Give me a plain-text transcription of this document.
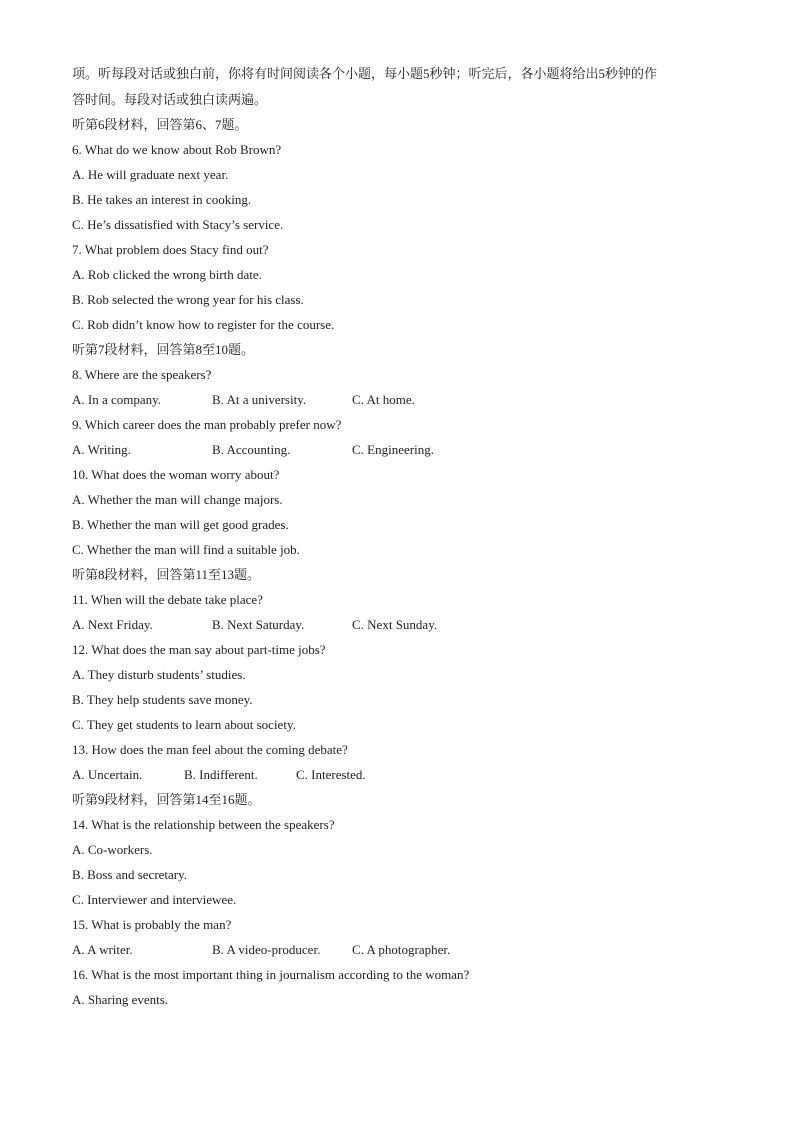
项。听每段对话或独白前，你将有时间阅读各个小题，每小题5秒钟；听完后，各小题将给出5秒钟的作
答时间。每段对话或独白读两遍。
听第6段材料，回答第6、7题。
6. What do we know about Rob Brown?
A. He will graduate next year.
B. He takes an interest in cooking.
C. He’s dissatisfied with Stacy’s service.
7. What problem does Stacy find out?
A. Rob clicked the wrong birth date.
B. Rob selected the wrong year for his class.
C. Rob didn’t know how to register for the course.
听第7段材料，回答第8至10题。
8. Where are the speakers?
A. In a company.	B. At a university.	C. At home.
9. Which career does the man probably prefer now?
A. Writing.	B. Accounting.	C. Engineering.
10. What does the woman worry about?
A. Whether the man will change majors.
B. Whether the man will get good grades.
C. Whether the man will find a suitable job.
听第8段材料，回答第11至13题。
11. When will the debate take place?
A. Next Friday.	B. Next Saturday.	C. Next Sunday.
12. What does the man say about part-time jobs?
A. They disturb students’ studies.
B. They help students save money.
C. They get students to learn about society.
13. How does the man feel about the coming debate?
A. Uncertain.	B. Indifferent.	C. Interested.
听第9段材料，回答第14至16题。
14. What is the relationship between the speakers?
A. Co-workers.
B. Boss and secretary.
C. Interviewer and interviewee.
15. What is probably the man?
A. A writer.	B. A video-producer. C. A photographer.
16. What is the most important thing in journalism according to the woman?
A. Sharing events.
